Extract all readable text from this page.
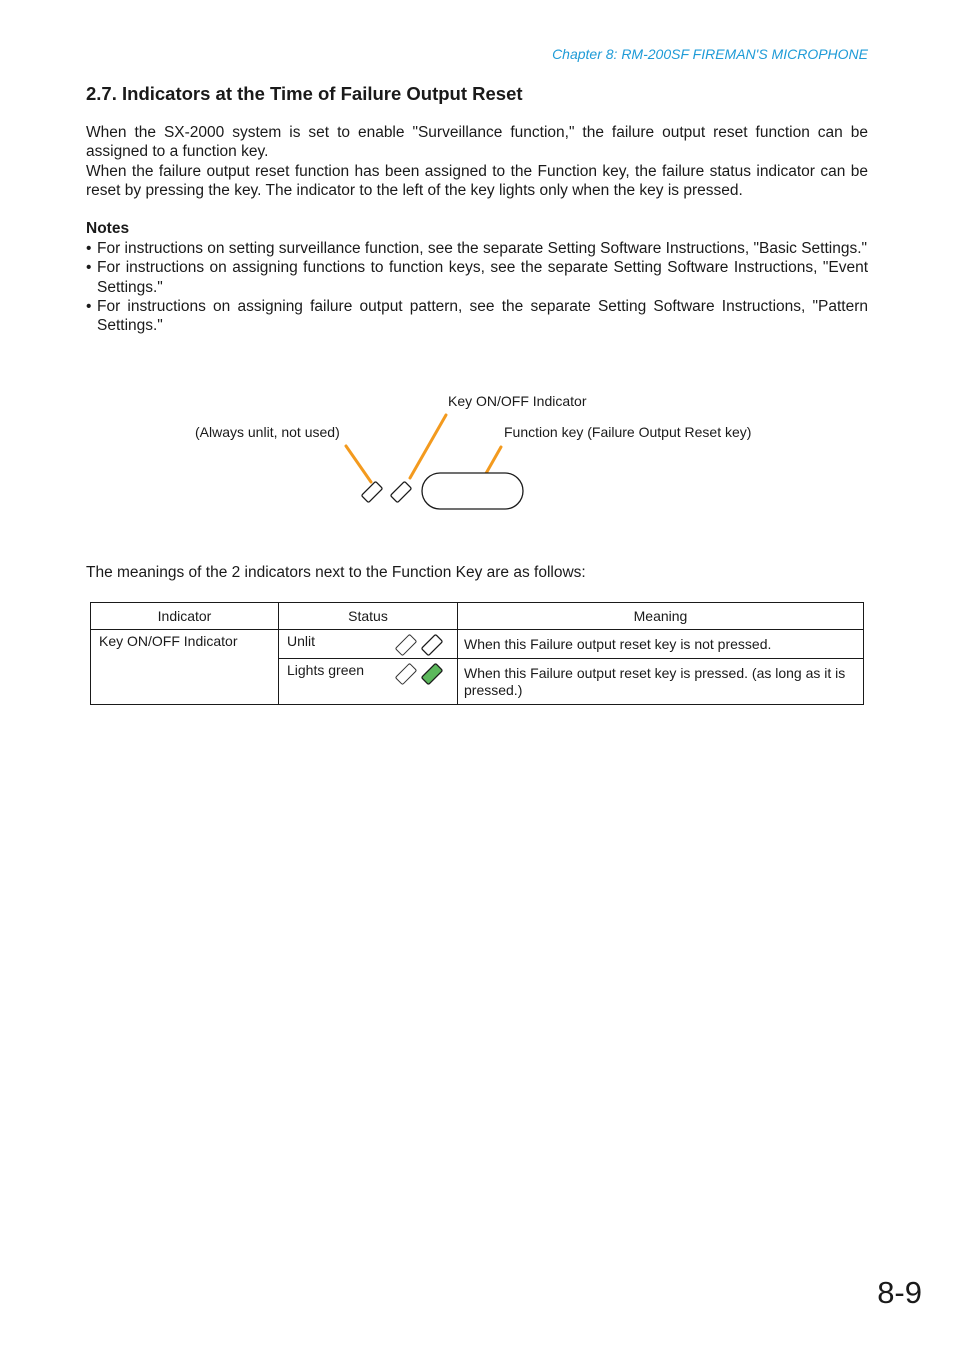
Chapter 8: RM-200SF FIREMAN'S MICROPHONE
2.7. Indicators at the Time of Failure Output Reset
When the SX-2000 system is set to enable "Surveillance function," the failure output reset function can be assigned to a function key.
When the failure output reset function has been assigned to the Function key, the failure status indicator can be reset by pressing the key. The indicator to the left of the key lights only when the key is pressed.
Notes
• For instructions on setting surveillance function, see the separate Setting Software Instructions, "Basic Settings."
• For instructions on assigning functions to function keys, see the separate Setting Software Instructions, "Event Settings."
• For instructions on assigning failure output pattern, see the separate Setting Software Instructions, "Pattern Settings."
Key ON/OFF Indicator
(Always unlit, not used)	Function key (Failure Output Reset key)
The meanings of the 2 indicators next to the Function Key are as follows:
Indicator	Status	Meaning
Key ON/OFF Indicator	Unlit	When this Failure output reset key is not pressed.
	Lights green	When this Failure output reset key is pressed. (as long as it is pressed.)
8-9
